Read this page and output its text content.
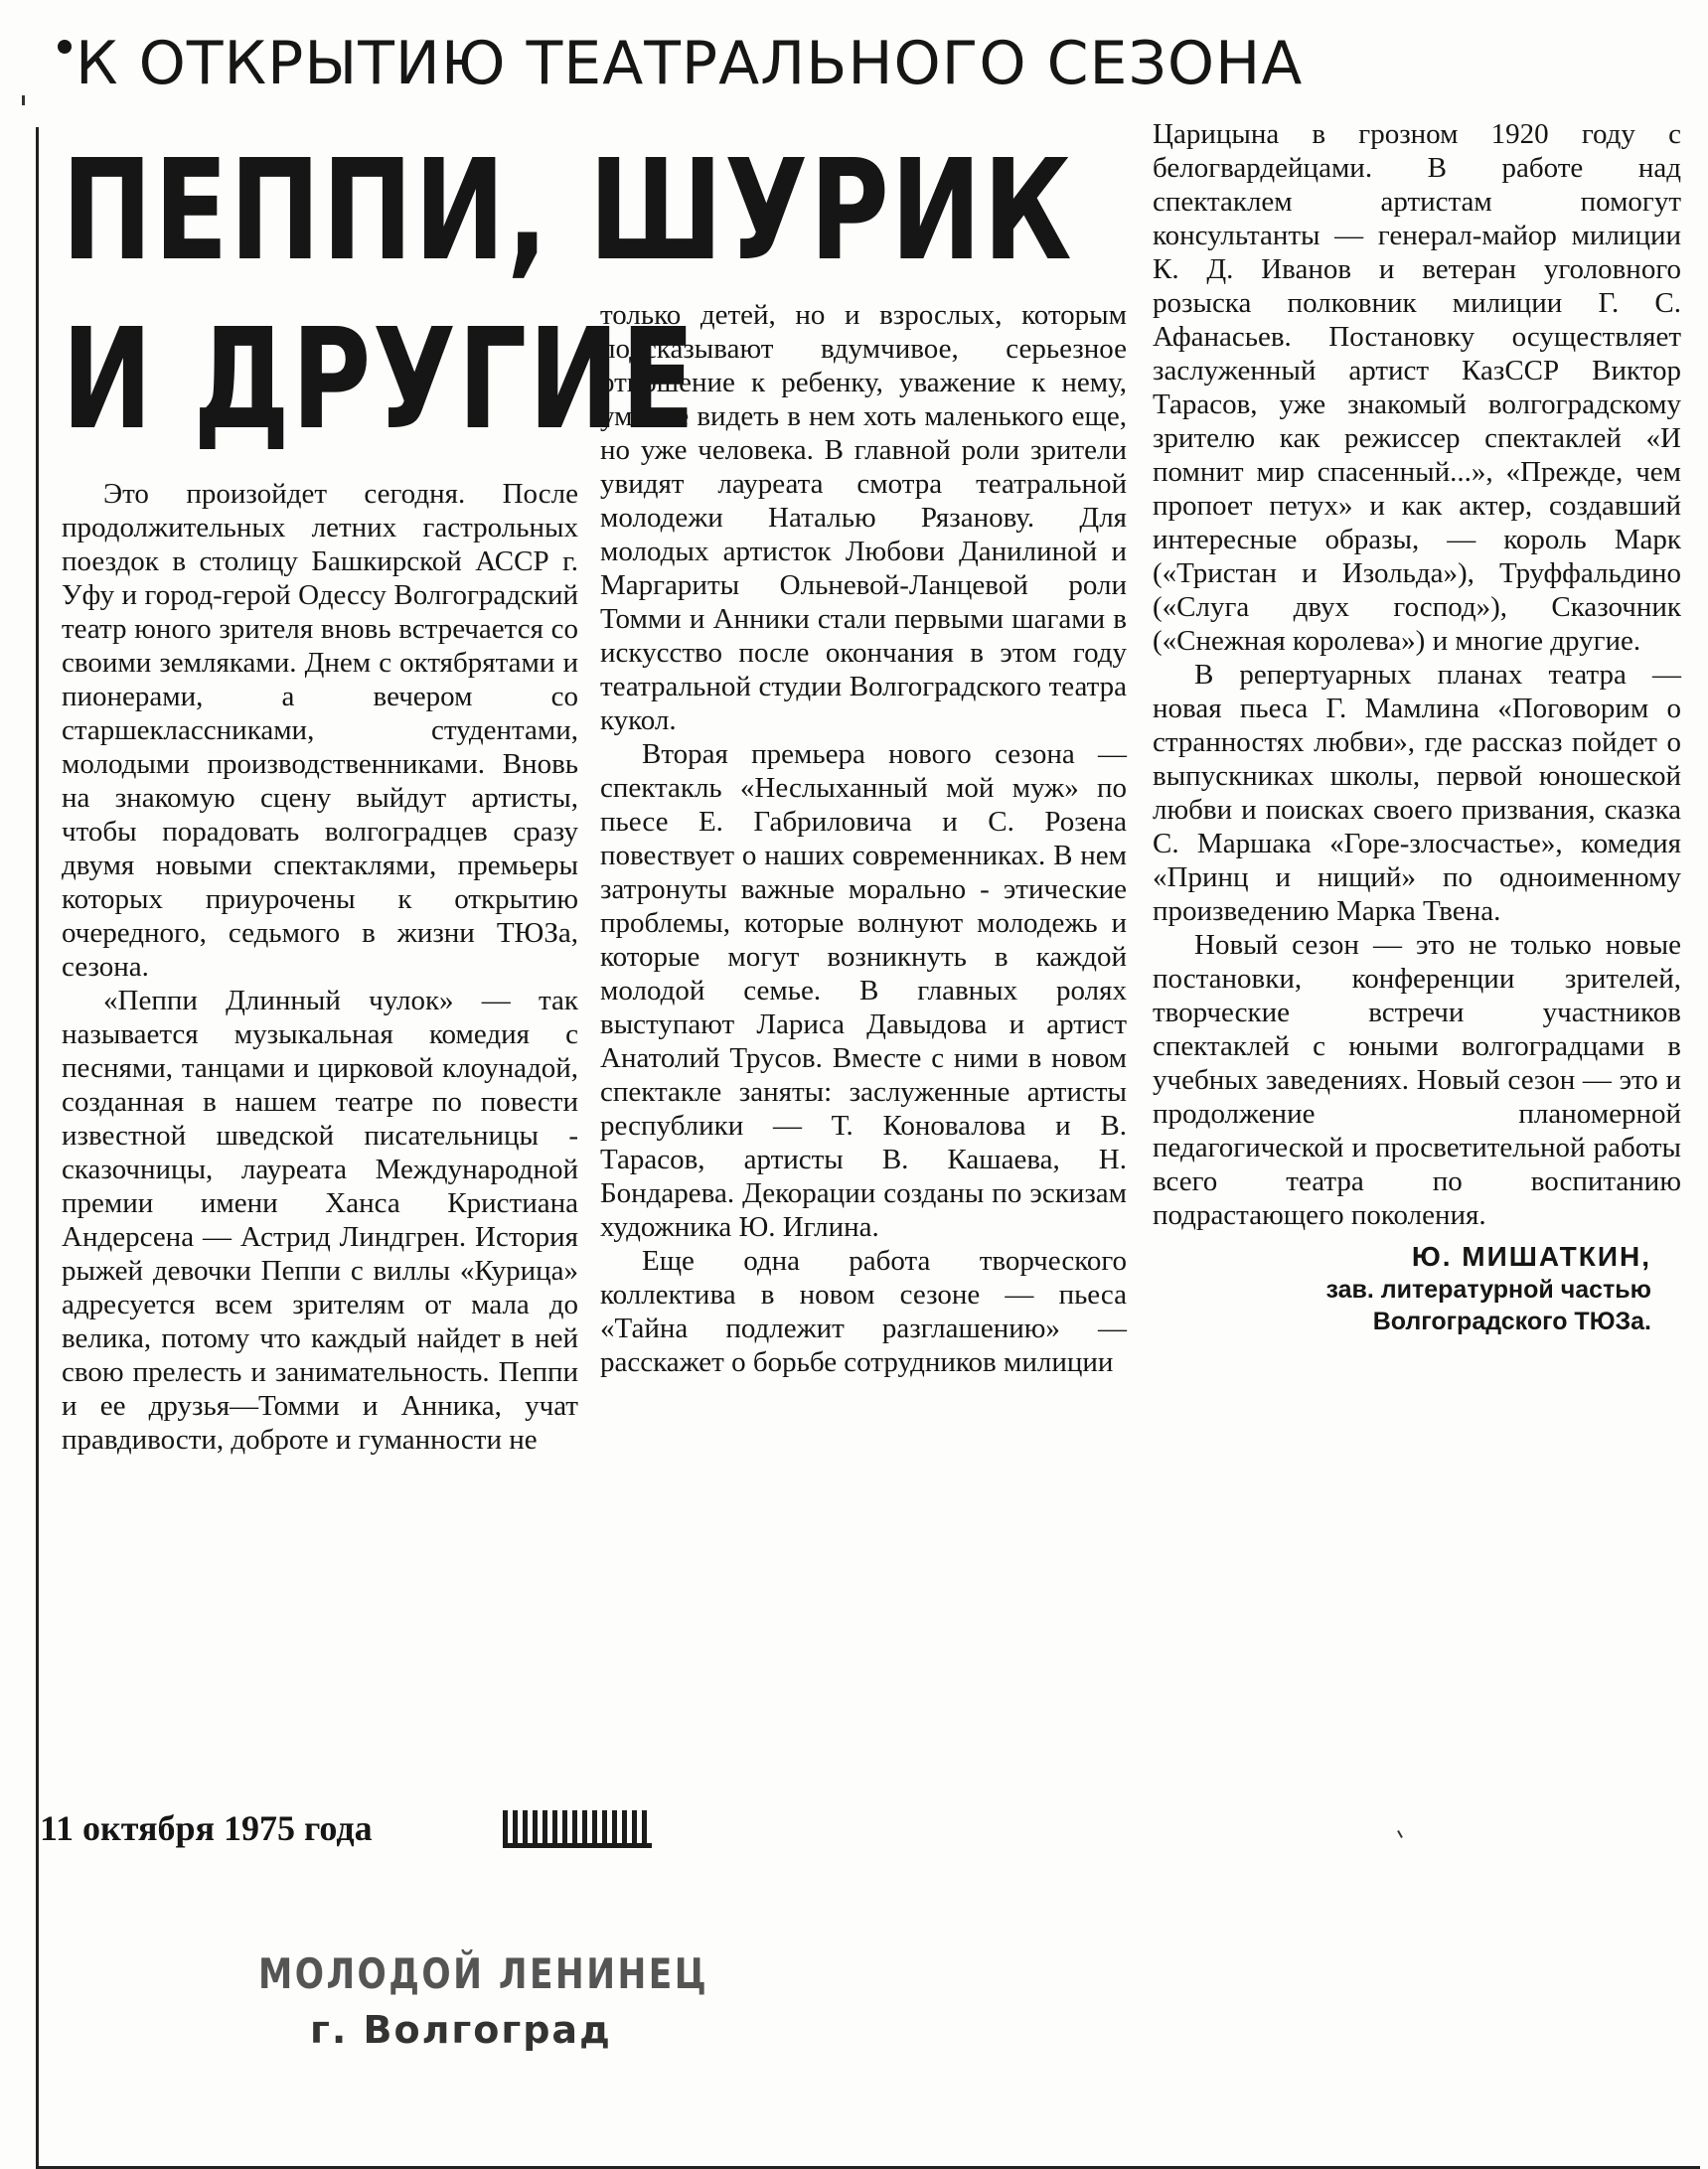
К ОТКРЫТИЮ ТЕАТРАЛЬНОГО СЕЗОНА
ПЕППИ, ШУРИК
И ДРУГИЕ

Это произойдет сегодня. После продолжительных летних гастрольных поездок в столицу Башкирской АССР г. Уфу и город-герой Одессу Волгоградский театр юного зрителя вновь встречается со своими земляками. Днем с октябрятами и пионерами, а вечером со старшеклассниками, студентами, молодыми производственниками. Вновь на знакомую сцену выйдут артисты, чтобы порадовать волгоградцев сразу двумя новыми спектаклями, премьеры которых приурочены к открытию очередного, седьмого в жизни ТЮЗа, сезона.

«Пеппи Длинный чулок» — так называется музыкальная комедия с песнями, танцами и цирковой клоунадой, созданная в нашем театре по повести известной шведской писательницы - сказочницы, лауреата Международной премии имени Ханса Кристиана Андерсена — Астрид Линдгрен. История рыжей девочки Пеппи с виллы «Курица» адресуется всем зрителям от мала до велика, потому что каждый найдет в ней свою прелесть и занимательность. Пеппи и ее друзья—Томми и Анника, учат правдивости, доброте и гуманности не

только детей, но и взрослых, которым подсказывают вдумчивое, серьезное отношение к ребенку, уважение к нему, умение видеть в нем хоть маленького еще, но уже человека. В главной роли зрители увидят лауреата смотра театральной молодежи Наталью Рязанову. Для молодых артисток Любови Данилиной и Маргариты Ольневой-Ланцевой роли Томми и Анники стали первыми шагами в искусство после окончания в этом году театральной студии Волгоградского театра кукол.

Вторая премьера нового сезона — спектакль «Неслыханный мой муж» по пьесе Е. Габриловича и С. Розена повествует о наших современниках. В нем затронуты важные морально - этические проблемы, которые волнуют молодежь и которые могут возникнуть в каждой молодой семье. В главных ролях выступают Лариса Давыдова и артист Анатолий Трусов. Вместе с ними в новом спектакле заняты: заслуженные артисты республики — Т. Коновалова и В. Тарасов, артисты В. Кашаева, Н. Бондарева. Декорации созданы по эскизам художника Ю. Иглина.

Еще одна работа творческого коллектива в новом сезоне — пьеса «Тайна подлежит разглашению» — расскажет о борьбе сотрудников милиции

Царицына в грозном 1920 году с белогвардейцами. В работе над спектаклем артистам помогут консультанты — генерал-майор милиции К. Д. Иванов и ветеран уголовного розыска полковник милиции Г. С. Афанасьев. Постановку осуществляет заслуженный артист КазССР Виктор Тарасов, уже знакомый волгоградскому зрителю как режиссер спектаклей «И помнит мир спасенный...», «Прежде, чем пропоет петух» и как актер, создавший интересные образы, — король Марк («Тристан и Изольда»), Труффальдино («Слуга двух господ»), Сказочник («Снежная королева») и многие другие.

В репертуарных планах театра — новая пьеса Г. Мамлина «Поговорим о странностях любви», где рассказ пойдет о выпускниках школы, первой юношеской любви и поисках своего призвания, сказка С. Маршака «Горе-злосчастье», комедия «Принц и нищий» по одноименному произведению Марка Твена.

Новый сезон — это не только новые постановки, конференции зрителей, творческие встречи участников спектаклей с юными волгоградцами в учебных заведениях. Новый сезон — это и продолжение планомерной педагогической и просветительной работы всего театра по воспитанию подрастающего поколения.

Ю. МИШАТКИН,
зав. литературной частью
Волгоградского ТЮЗа.

11 октября 1975 года

МОЛОДОЙ ЛЕНИНЕЦ
г. Волгоград
